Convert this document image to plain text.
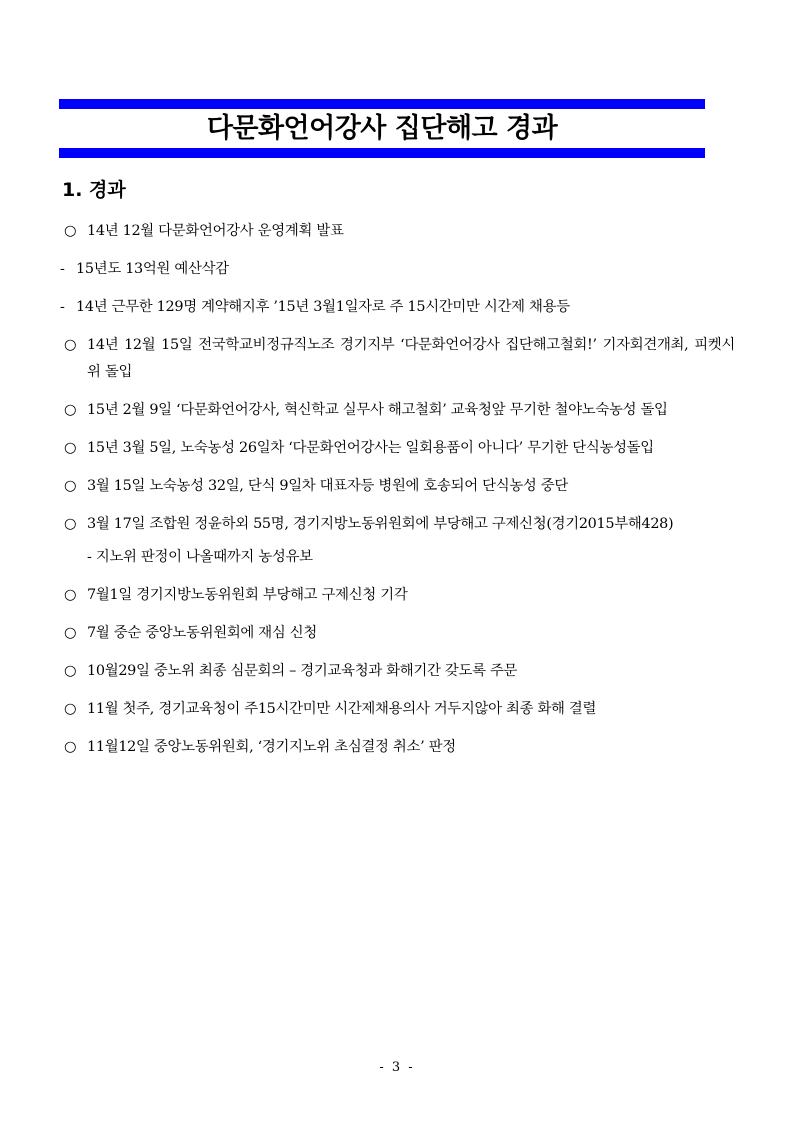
다문화언어강사 집단해고 경과
1. 경과
○ 14년 12월 다문화언어강사 운영계획 발표
- 15년도 13억원 예산삭감
- 14년 근무한 129명 계약해지후 ’15년 3월1일자로 주 15시간미만 시간제 채용등
○ 14년 12월 15일 전국학교비정규직노조 경기지부 ‘다문화언어강사 집단해고철회!’ 기자회견개최, 피켓시위 돌입
○ 15년 2월 9일 ‘다문화언어강사, 혁신학교 실무사 해고철회’ 교육청앞 무기한 철야노숙농성 돌입
○ 15년 3월 5일, 노숙농성 26일차 ‘다문화언어강사는 일회용품이 아니다’ 무기한 단식농성돌입
○ 3월 15일 노숙농성 32일, 단식 9일차 대표자등 병원에 호송되어 단식농성 중단
○ 3월 17일 조합원 정윤하외 55명, 경기지방노동위원회에 부당해고 구제신청(경기2015부해428)
- 지노위 판정이 나올때까지 농성유보
○ 7월1일 경기지방노동위원회 부당해고 구제신청 기각
○ 7월 중순 중앙노동위원회에 재심 신청
○ 10월29일 중노위 최종 심문회의 – 경기교육청과 화해기간 갖도록 주문
○ 11월 첫주, 경기교육청이 주15시간미만 시간제채용의사 거두지않아 최종 화해 결렬
○ 11월12일 중앙노동위원회, ‘경기지노위 초심결정 취소’ 판정
- 3 -
